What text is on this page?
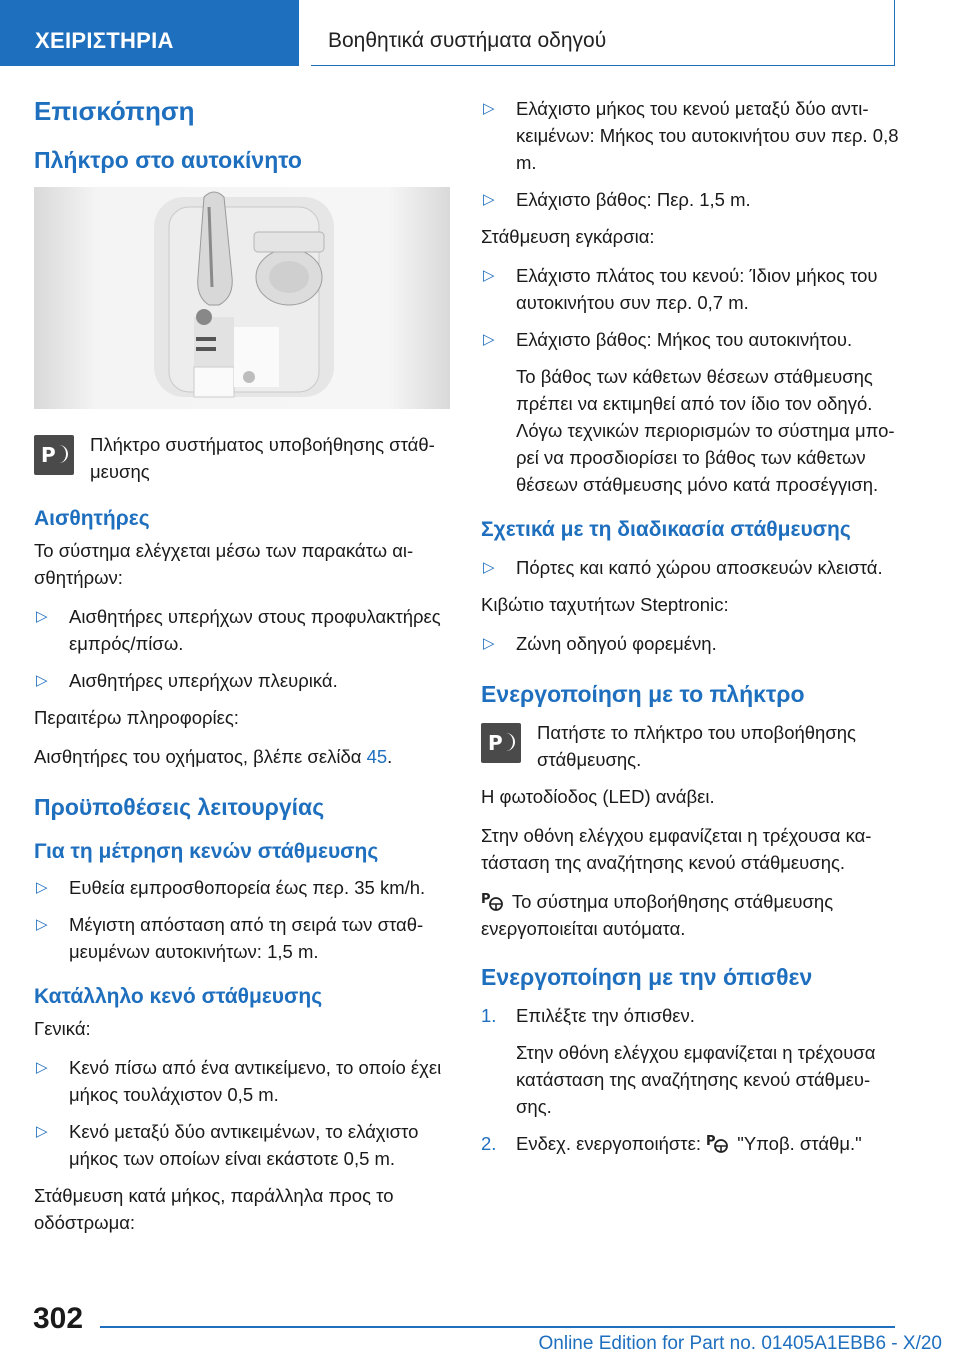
ΧΕΙΡΙΣΤΗΡΙΑ	Βοηθητικά συστήματα οδηγού
Επισκόπηση
Πλήκτρο στο αυτοκίνητο
P Πλήκτρο συστήματος υποβοήθησης στάθ‐μευσης
Αισθητήρες

Το σύστημα ελέγχεται μέσω των παρακάτω αι‐σθητήρων:

▷ Αισθητήρες υπερήχων στους προφυλακτήρες εμπρός/πίσω.
▷ Αισθητήρες υπερήχων πλευρικά.

Περαιτέρω πληροφορίες:

Αισθητήρες του οχήματος, βλέπε σελίδα 45.

Προϋποθέσεις λειτουργίας
Για τη μέτρηση κενών στάθμευσης
▷ Ευθεία εμπροσθοπορεία έως περ. 35 km/h.
▷ Μέγιστη απόσταση από τη σειρά των σταθ‐μευμένων αυτοκινήτων: 1,5 m.
Κατάλληλο κενό στάθμευσης

Γενικά:

▷ Κενό πίσω από ένα αντικείμενο, το οποίο έχει μήκος τουλάχιστον 0,5 m.
▷ Κενό μεταξύ δύο αντικειμένων, το ελάχιστο μήκος των οποίων είναι εκάστοτε 0,5 m.

Στάθμευση κατά μήκος, παράλληλα προς το οδόστρωμα:

▷ Ελάχιστο μήκος του κενού μεταξύ δύο αντι‐κειμένων: Μήκος του αυτοκινήτου συν περ. 0,8 m.
▷ Ελάχιστο βάθος: Περ. 1,5 m.

Στάθμευση εγκάρσια:

▷ Ελάχιστο πλάτος του κενού: Ίδιον μήκος του αυτοκινήτου συν περ. 0,7 m.
▷ Ελάχιστο βάθος: Μήκος του αυτοκινήτου.
Το βάθος των κάθετων θέσεων στάθμευσης πρέπει να εκτιμηθεί από τον ίδιο τον οδηγό. Λόγω τεχνικών περιορισμών το σύστημα μπο‐ρεί να προσδιορίσει το βάθος των κάθετων θέσεων στάθμευσης μόνο κατά προσέγγιση.
Σχετικά με τη διαδικασία στάθμευσης
▷ Πόρτες και καπό χώρου αποσκευών κλειστά.

Κιβώτιο ταχυτήτων Steptronic:

▷ Ζώνη οδηγού φορεμένη.
Ενεργοποίηση με το πλήκτρο
P Πατήστε το πλήκτρο του υποβοήθησης στάθμευσης.

Η φωτοδίοδος (LED) ανάβει.

Στην οθόνη ελέγχου εμφανίζεται η τρέχουσα κα‐τάσταση της αναζήτησης κενού στάθμευσης.

P Το σύστημα υποβοήθησης στάθμευσης ενεργοποιείται αυτόματα.

Ενεργοποίηση με την όπισθεν
1. Επιλέξτε την όπισθεν.
Στην οθόνη ελέγχου εμφανίζεται η τρέχουσα κατάσταση της αναζήτησης κενού στάθμευ‐σης.
2. Ενδεχ. ενεργοποιήστε: P "Υποβ. στάθμ."
302
Online Edition for Part no. 01405A1EBB6 - X/20
